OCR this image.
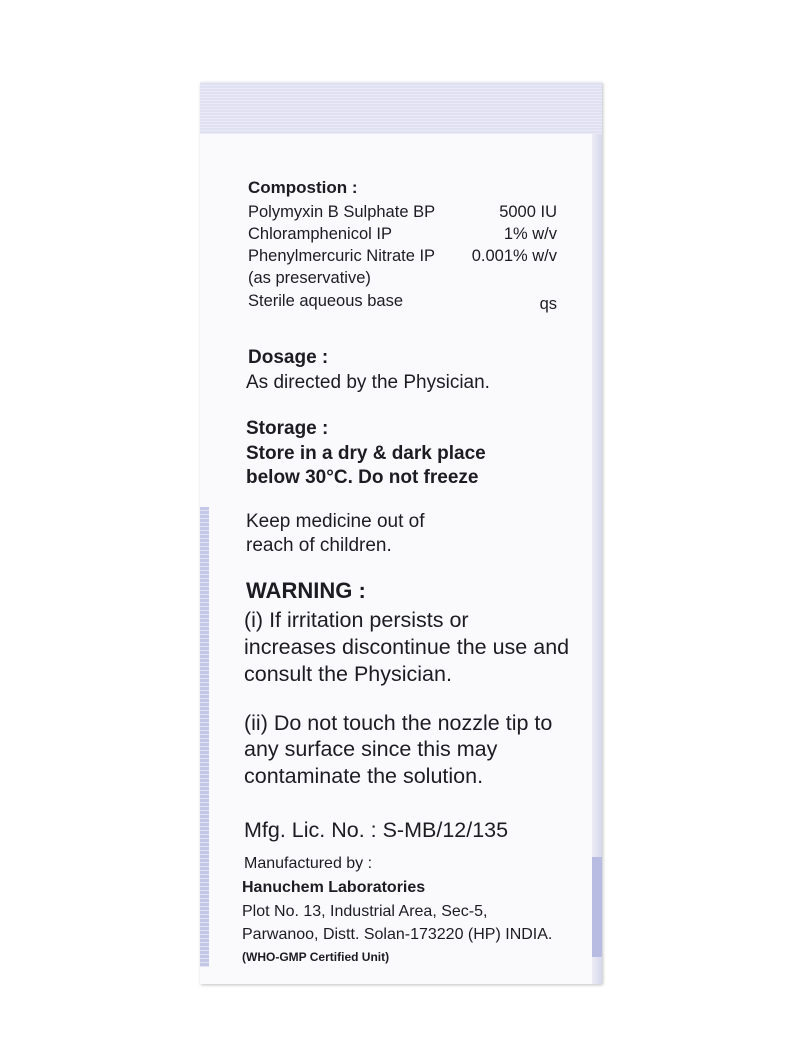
Compostion :
Polymyxin B Sulphate BP	5000 IU
Chloramphenicol IP	1% w/v
Phenylmercuric Nitrate IP 0.001% w/v
(as preservative)
Sterile aqueous base	qs
Dosage :
As directed by the Physician.
Storage :
Store in a dry & dark place
below 30°C. Do not freeze
Keep medicine out of
reach of children.
WARNING :
(i) If irritation persists or
increases discontinue the use and
consult the Physician.
(ii) Do not touch the nozzle tip to
any surface since this may
contaminate the solution.
Mfg. Lic. No. : S-MB/12/135
Manufactured by :
Hanuchem Laboratories
Plot No. 13, Industrial Area, Sec-5,
Parwanoo, Distt. Solan-173220 (HP) INDIA.
(WHO-GMP Certified Unit)
